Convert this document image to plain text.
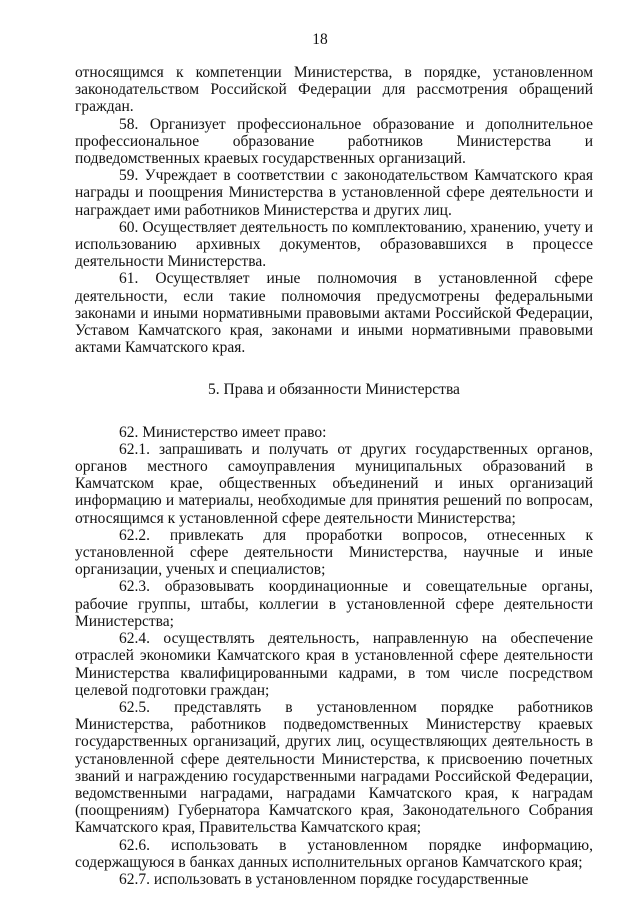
18

относящимся к компетенции Министерства, в порядке, установленном законодательством Российской Федерации для рассмотрения обращений граждан.

58. Организует профессиональное образование и дополнительное профессиональное образование работников Министерства и подведомственных краевых государственных организаций.

59. Учреждает в соответствии с законодательством Камчатского края награды и поощрения Министерства в установленной сфере деятельности и награждает ими работников Министерства и других лиц.

60. Осуществляет деятельность по комплектованию, хранению, учету и использованию архивных документов, образовавшихся в процессе деятельности Министерства.

61. Осуществляет иные полномочия в установленной сфере деятельности, если такие полномочия предусмотрены федеральными законами и иными нормативными правовыми актами Российской Федерации, Уставом Камчатского края, законами и иными нормативными правовыми актами Камчатского края.

5. Права и обязанности Министерства

62. Министерство имеет право:

62.1. запрашивать и получать от других государственных органов, органов местного самоуправления муниципальных образований в Камчатском крае, общественных объединений и иных организаций информацию и материалы, необходимые для принятия решений по вопросам, относящимся к установленной сфере деятельности Министерства;

62.2. привлекать для проработки вопросов, отнесенных к установленной сфере деятельности Министерства, научные и иные организации, ученых и специалистов;

62.3. образовывать координационные и совещательные органы, рабочие группы, штабы, коллегии в установленной сфере деятельности Министерства;

62.4. осуществлять деятельность, направленную на обеспечение отраслей экономики Камчатского края в установленной сфере деятельности Министерства квалифицированными кадрами, в том числе посредством целевой подготовки граждан;

62.5. представлять в установленном порядке работников Министерства, работников подведомственных Министерству краевых государственных организаций, других лиц, осуществляющих деятельность в установленной сфере деятельности Министерства, к присвоению почетных званий и награждению государственными наградами Российской Федерации, ведомственными наградами, наградами Камчатского края, к наградам (поощрениям) Губернатора Камчатского края, Законодательного Собрания Камчатского края, Правительства Камчатского края;

62.6. использовать в установленном порядке информацию, содержащуюся в банках данных исполнительных органов Камчатского края;

62.7. использовать в установленном порядке государственные
